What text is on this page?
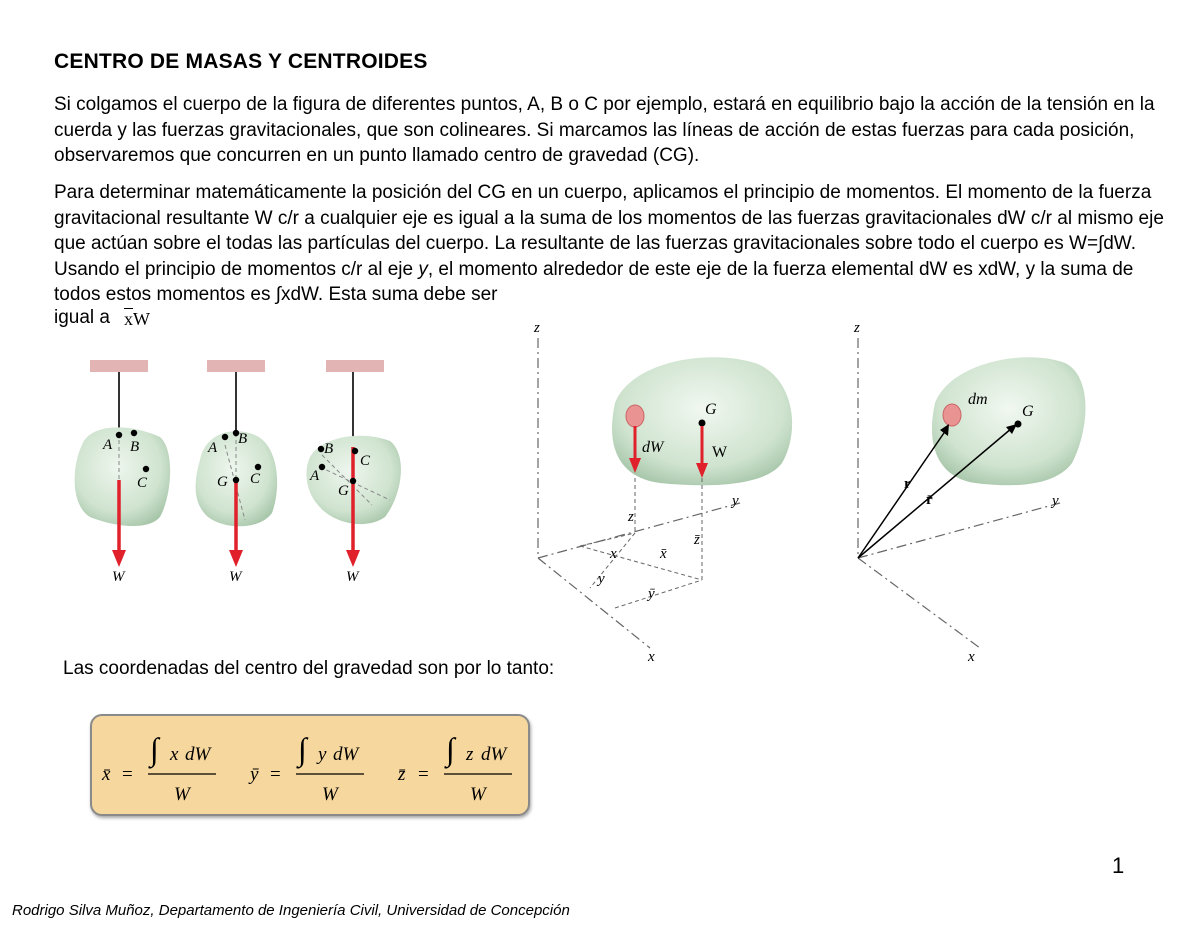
CENTRO DE MASAS Y CENTROIDES

Si colgamos el cuerpo de la figura de diferentes puntos, A, B o C por ejemplo, estará en equilibrio bajo la acción de la tensión en la cuerda y las fuerzas gravitacionales, que son colineares. Si marcamos las líneas de acción de estas fuerzas para cada posición, observaremos que concurren en un punto llamado centro de gravedad (CG).

Para determinar matemáticamente la posición del CG en un cuerpo, aplicamos el principio de momentos. El momento de la fuerza gravitacional resultante W c/r a cualquier eje es igual a la suma de los momentos de las fuerzas gravitacionales dW c/r al mismo eje que actúan sobre el todas las partículas del cuerpo. La resultante de las fuerzas gravitacionales sobre todo el cuerpo es W=∫dW. Usando el principio de momentos c/r al eje y, el momento alrededor de este eje de la fuerza elemental dW es xdW, y la suma de todos estos momentos es ∫xdW. Esta suma debe ser

igual a $\overline{x}W$
A B
C
W
A
B
C
G
W
B
C
A
G
W
z
y
x
z
z̄
x	x̄
y
ȳ
dW
G
W
z
y
x
dm
G
r
r̄
Las coordenadas del centro del gravedad son por lo tanto:
x̄ =
∫ x dW
W
ȳ =
∫ y dW
W
z̄ =
∫ z dW
W
1
Rodrigo Silva Muñoz, Departamento de Ingeniería Civil, Universidad de Concepción
